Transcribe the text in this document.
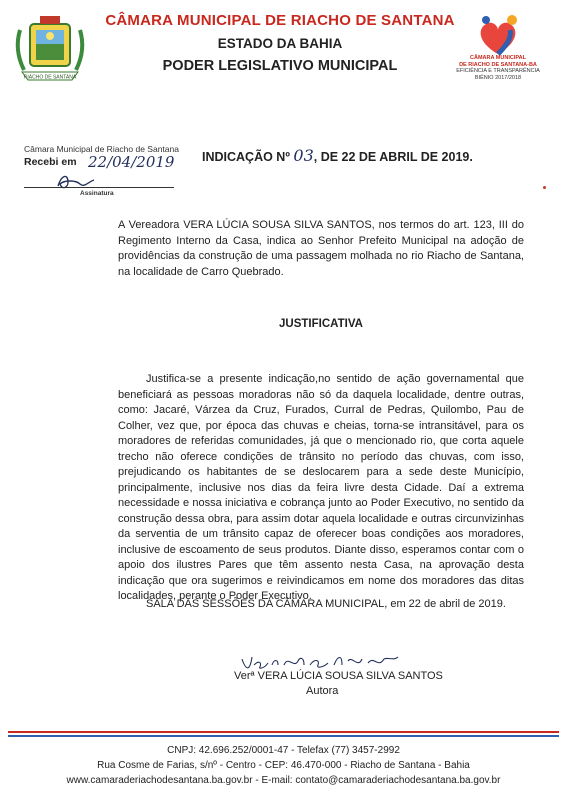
RIACHO DE SANTANA
CÂMARA MUNICIPAL DE RIACHO DE SANTANA
ESTADO DA BAHIA
PODER LEGISLATIVO MUNICIPAL	CÂMARA MUNICIPAL
DE RIACHO DE SANTANA-BA
EFICIÊNCIA E TRANSPARÊNCIA
BIÊNIO 2017/2018
Câmara Municipal de Riacho de Santana
Recebi em 22/04/2019
Assinatura
INDICAÇÃO Nº 03, DE 22 DE ABRIL DE 2019.
A Vereadora VERA LÚCIA SOUSA SILVA SANTOS, nos termos do art. 123, III do Regimento Interno da Casa, indica ao Senhor Prefeito Municipal na adoção de providências da construção de uma passagem molhada no rio Riacho de Santana, na localidade de Carro Quebrado.
JUSTIFICATIVA
Justifica-se a presente indicação,no sentido de ação governamental que beneficiará as pessoas moradoras não só da daquela localidade, dentre outras, como: Jacaré, Várzea da Cruz, Furados, Curral de Pedras, Quilombo, Pau de Colher, vez que, por época das chuvas e cheias, torna-se intransitável, para os moradores de referidas comunidades, já que o mencionado rio, que corta aquele trecho não oferece condições de trânsito no período das chuvas, com isso, prejudicando os habitantes de se deslocarem para a sede deste Município, principalmente, inclusive nos dias da feira livre desta Cidade. Daí a extrema necessidade e nossa iniciativa e cobrança junto ao Poder Executivo, no sentido da construção dessa obra, para assim dotar aquela localidade e outras circunvizinhas da serventia de um trânsito capaz de oferecer boas condições aos moradores, inclusive de escoamento de seus produtos. Diante disso, esperamos contar com o apoio dos ilustres Pares que têm assento nesta Casa, na aprovação desta indicação que ora sugerimos e reivindicamos em nome dos moradores das ditas localidades, perante o Poder Executivo.
SALA DAS SESSÕES DA CÂMARA MUNICIPAL, em 22 de abril de 2019.
Verª VERA LÚCIA SOUSA SILVA SANTOS
Autora
CNPJ: 42.696.252/0001-47 - Telefax (77) 3457-2992
Rua Cosme de Farias, s/nº - Centro - CEP: 46.470-000 - Riacho de Santana - Bahia
www.camaraderiachodesantana.ba.gov.br - E-mail: contato@camaraderiachodesantana.ba.gov.br
